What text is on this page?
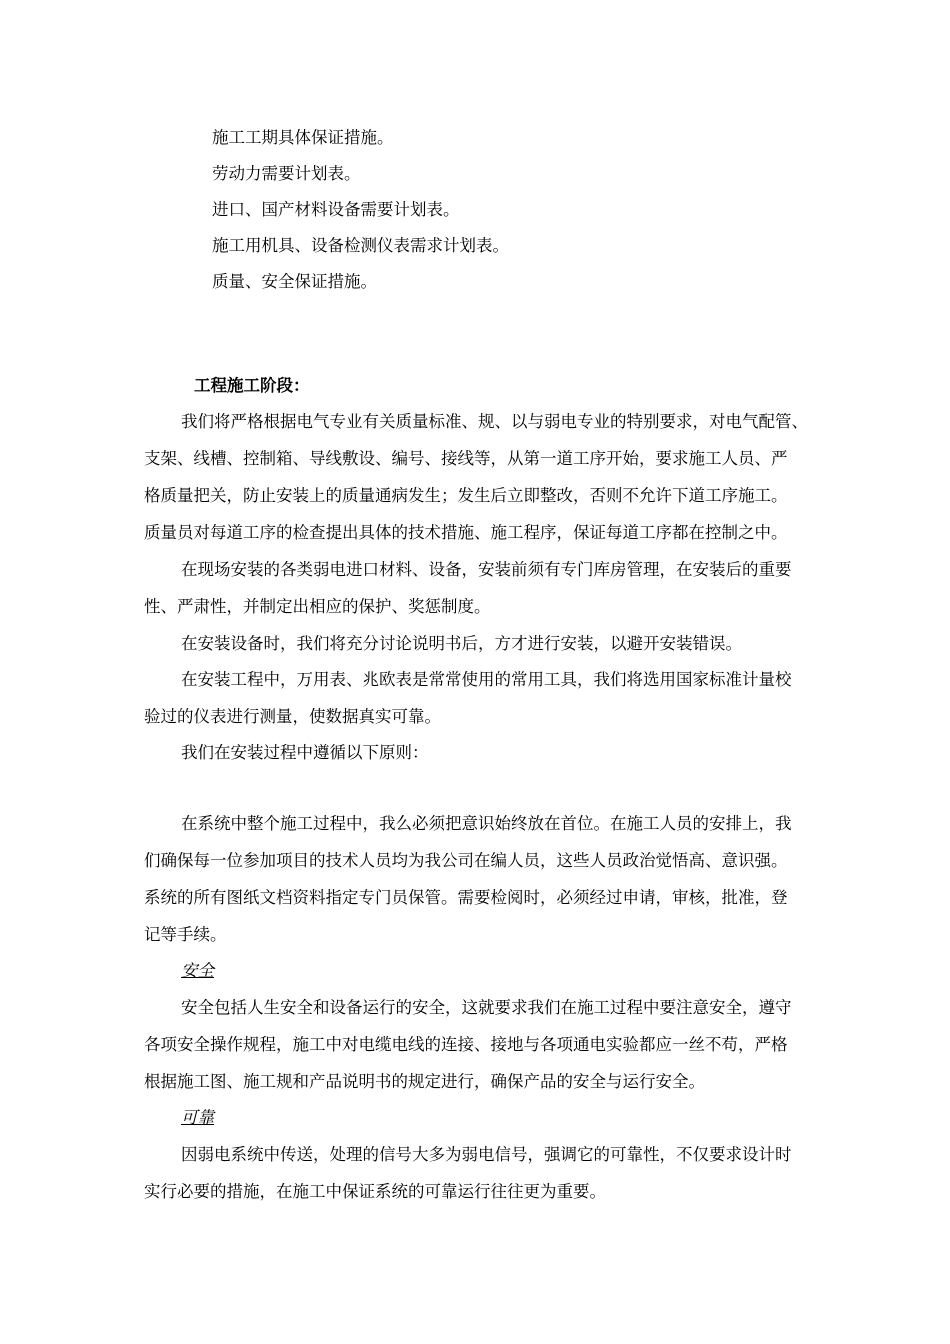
施工工期具体保证措施。
劳动力需要计划表。
进口、国产材料设备需要计划表。
施工用机具、设备检测仪表需求计划表。
质量、安全保证措施。
工程施工阶段：
我们将严格根据电气专业有关质量标准、规、以与弱电专业的特别要求，对电气配管、
支架、线槽、控制箱、导线敷设、编号、接线等，从第一道工序开始，要求施工人员、严
格质量把关，防止安装上的质量通病发生；发生后立即整改，否则不允许下道工序施工。
质量员对每道工序的检查提出具体的技术措施、施工程序，保证每道工序都在控制之中。
在现场安装的各类弱电进口材料、设备，安装前须有专门库房管理，在安装后的重要
性、严肃性，并制定出相应的保护、奖惩制度。
在安装设备时，我们将充分讨论说明书后，方才进行安装，以避开安装错误。
在安装工程中，万用表、兆欧表是常常使用的常用工具，我们将选用国家标准计量校
验过的仪表进行测量，使数据真实可靠。
我们在安装过程中遵循以下原则：
在系统中整个施工过程中，我么必须把意识始终放在首位。在施工人员的安排上，我
们确保每一位参加项目的技术人员均为我公司在编人员，这些人员政治觉悟高、意识强。
系统的所有图纸文档资料指定专门员保管。需要检阅时，必须经过申请，审核，批准，登
记等手续。
安全
安全包括人生安全和设备运行的安全，这就要求我们在施工过程中要注意安全，遵守
各项安全操作规程，施工中对电缆电线的连接、接地与各项通电实验都应一丝不苟，严格
根据施工图、施工规和产品说明书的规定进行，确保产品的安全与运行安全。
可靠
因弱电系统中传送，处理的信号大多为弱电信号，强调它的可靠性，不仅要求设计时
实行必要的措施，在施工中保证系统的可靠运行往往更为重要。
